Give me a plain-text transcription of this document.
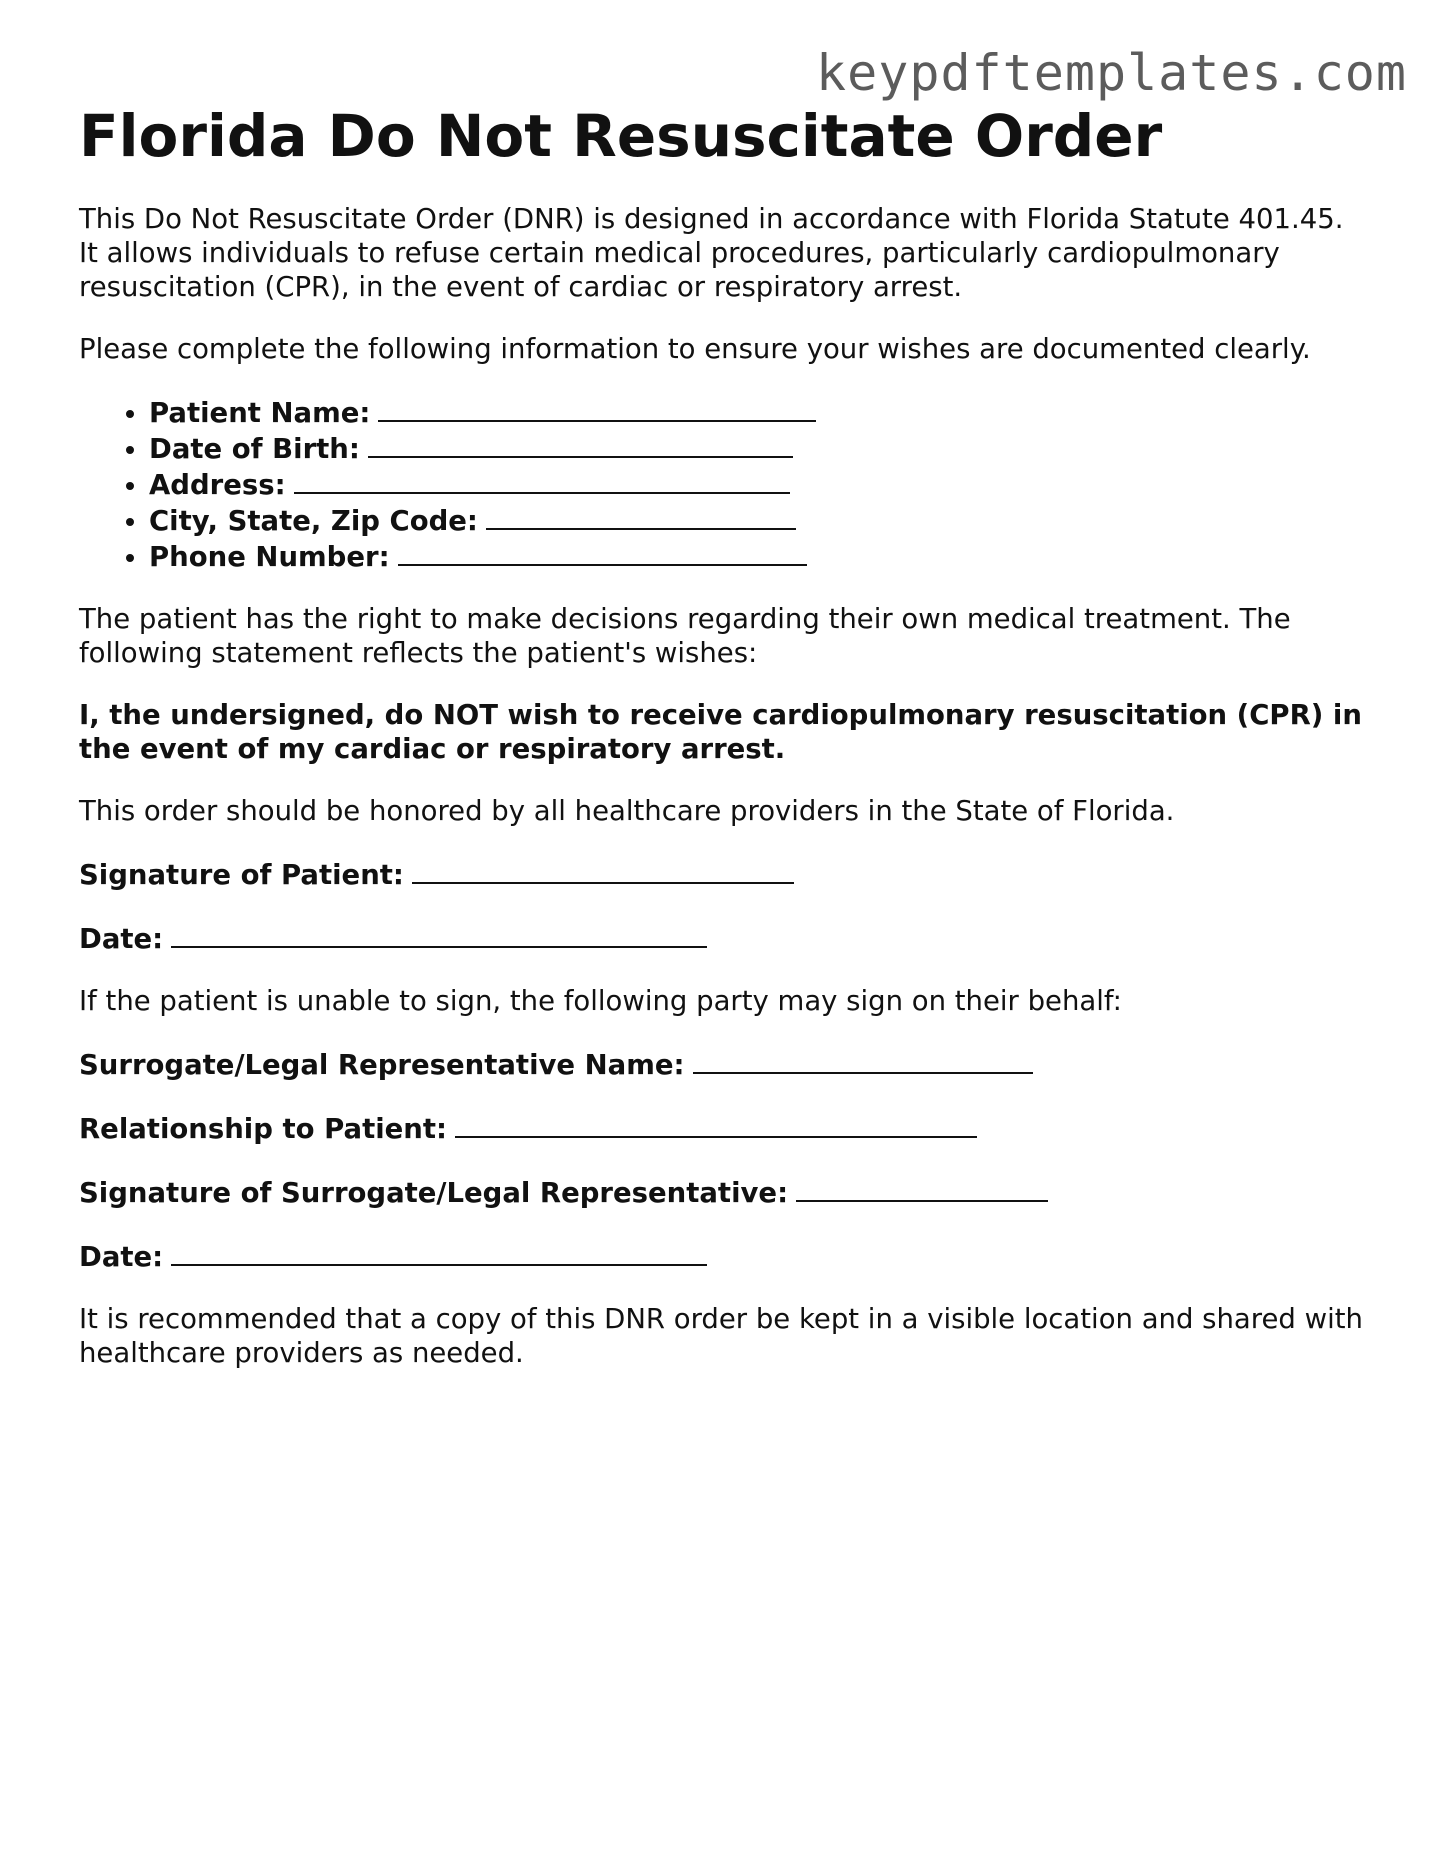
keypdftemplates.com
Florida Do Not Resuscitate Order

This Do Not Resuscitate Order (DNR) is designed in accordance with Florida Statute 401.45. It allows individuals to refuse certain medical procedures, particularly cardiopulmonary resuscitation (CPR), in the event of cardiac or respiratory arrest.

Please complete the following information to ensure your wishes are documented clearly.

• Patient Name:
• Date of Birth:
• Address:
• City, State, Zip Code:
• Phone Number:

The patient has the right to make decisions regarding their own medical treatment. The following statement reflects the patient's wishes:

I, the undersigned, do NOT wish to receive cardiopulmonary resuscitation (CPR) in the event of my cardiac or respiratory arrest.

This order should be honored by all healthcare providers in the State of Florida.

Signature of Patient:
Date:

If the patient is unable to sign, the following party may sign on their behalf:

Surrogate/Legal Representative Name:
Relationship to Patient:
Signature of Surrogate/Legal Representative:
Date:

It is recommended that a copy of this DNR order be kept in a visible location and shared with healthcare providers as needed.
